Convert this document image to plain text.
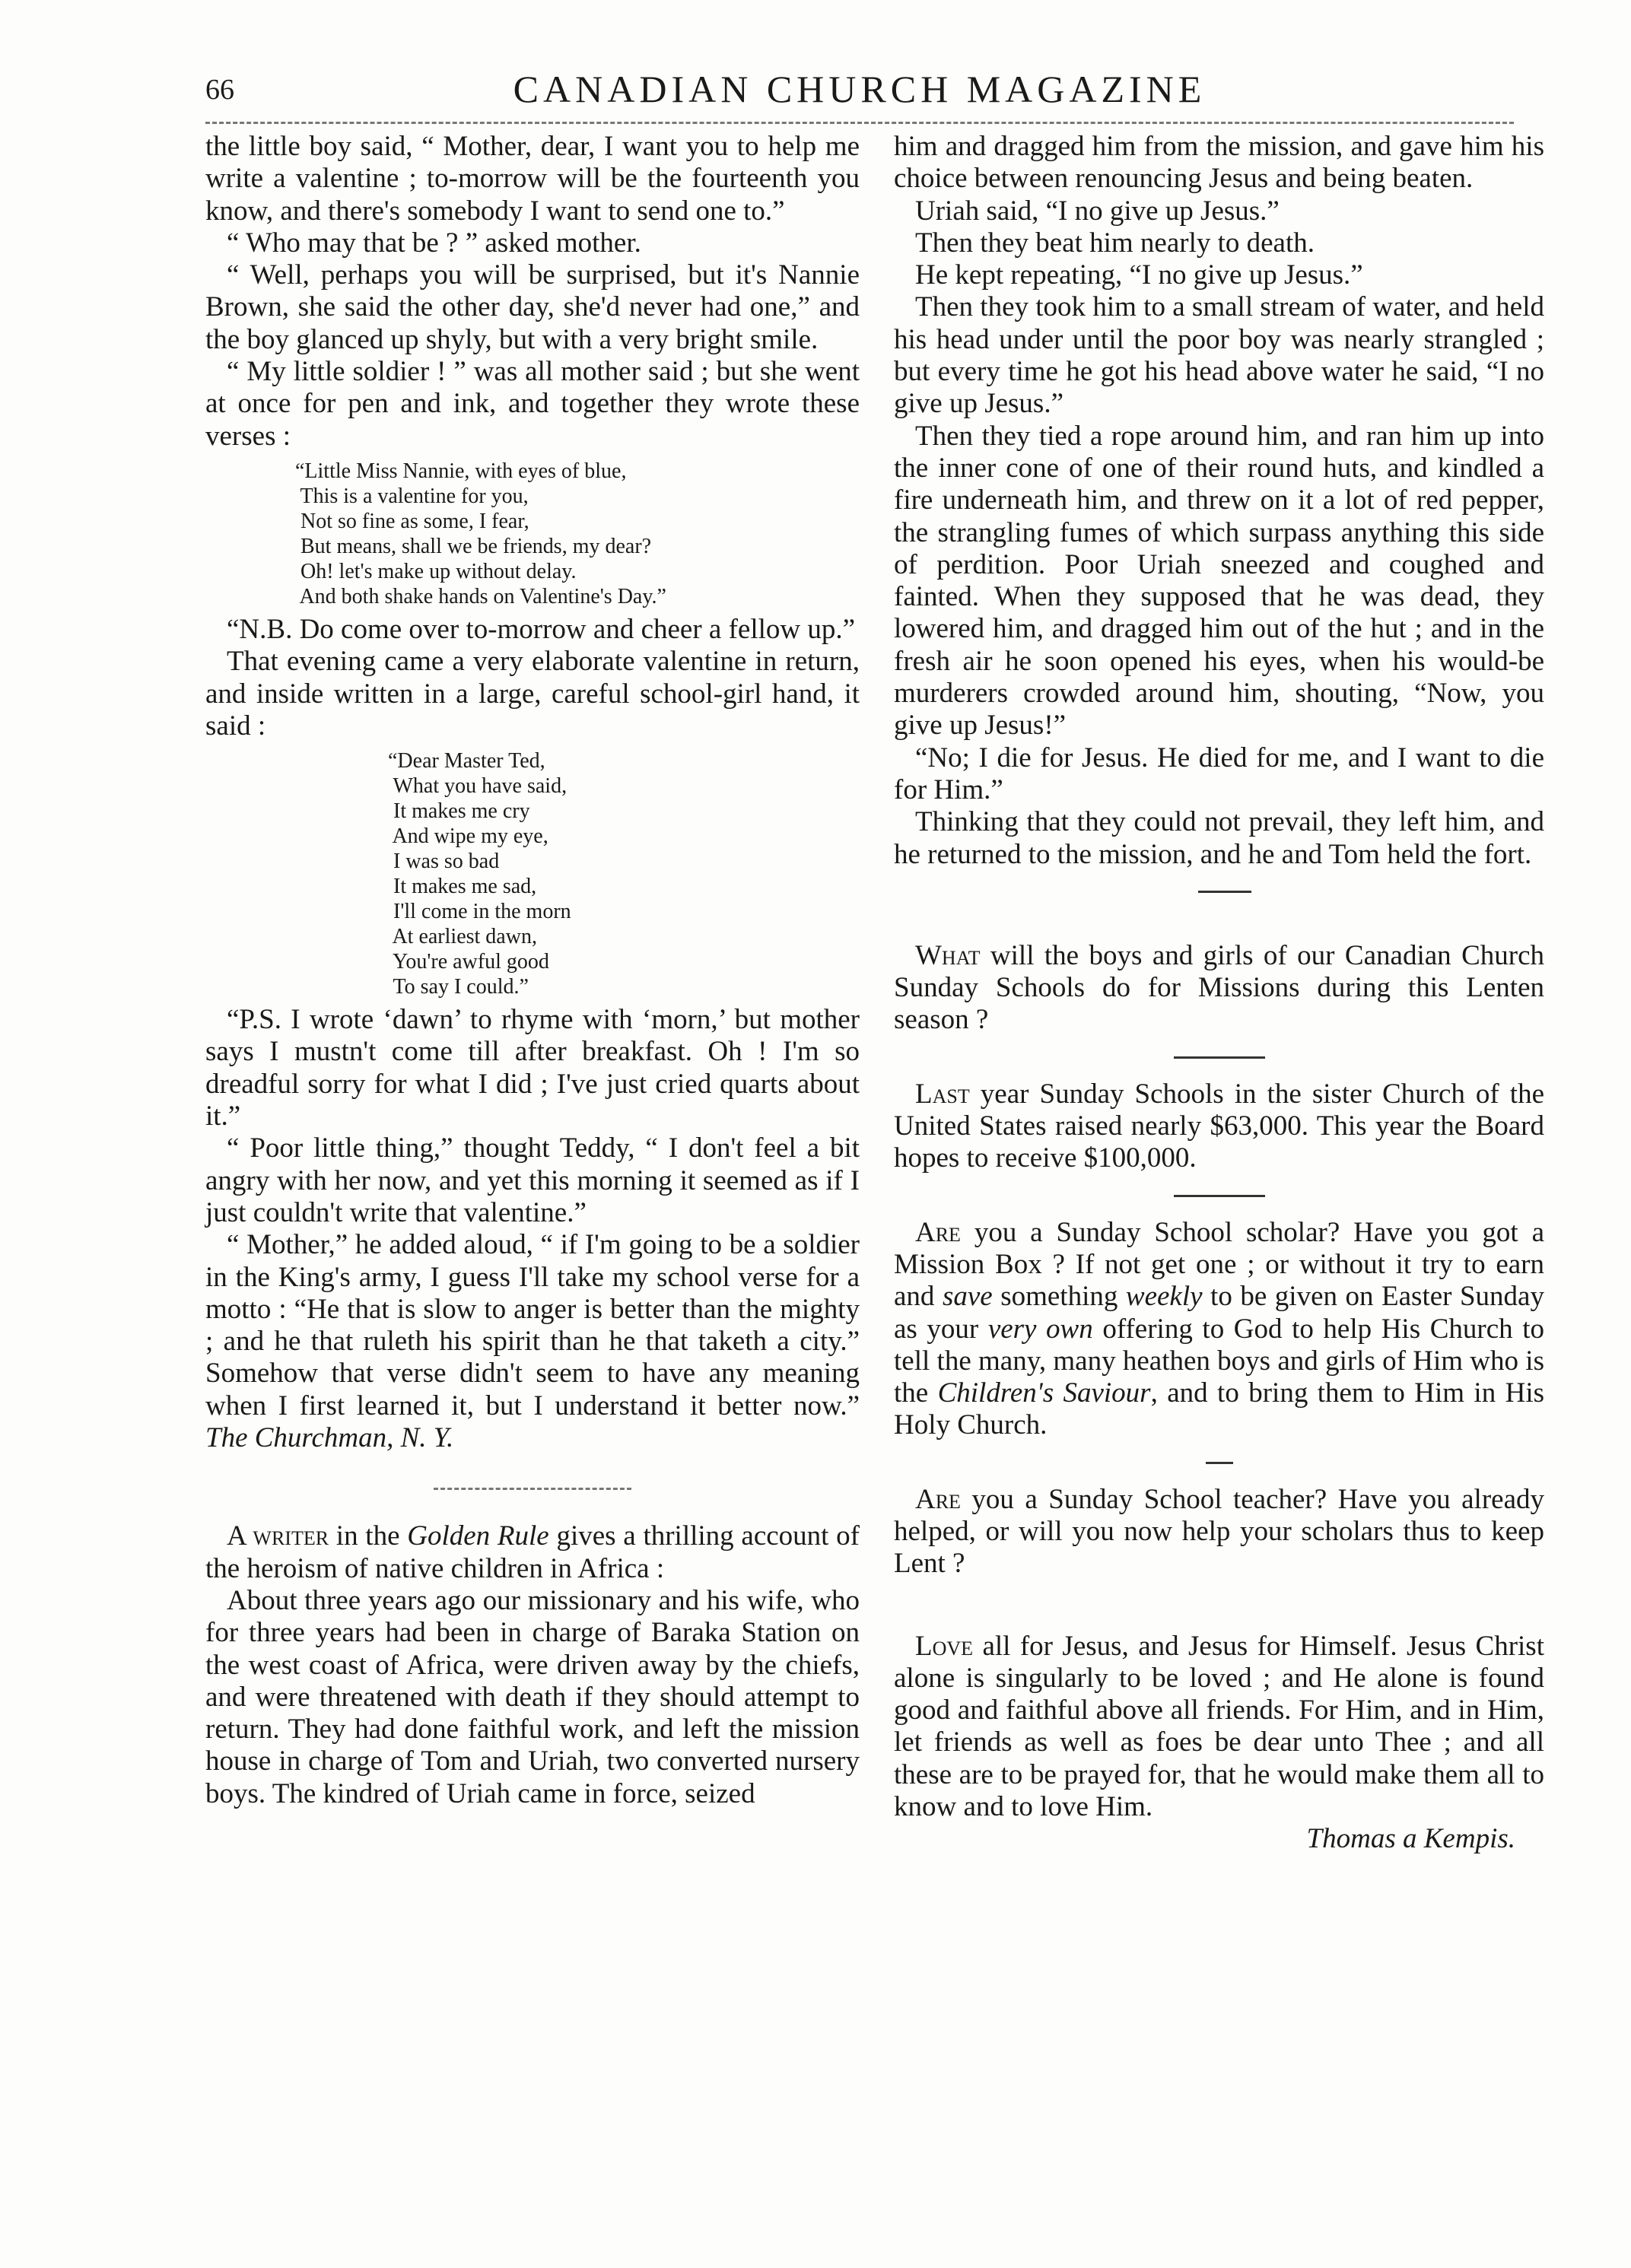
66	CANADIAN CHURCH MAGAZINE

the little boy said, “ Mother, dear, I want you to help me write a valentine ; to-morrow will be the fourteenth you know, and there's somebody I want to send one to.”

“ Who may that be ? ” asked mother.

“ Well, perhaps you will be surprised, but it's Nannie Brown, she said the other day, she'd never had one,” and the boy glanced up shyly, but with a very bright smile.

“ My little soldier ! ” was all mother said ; but she went at once for pen and ink, and together they wrote these verses :

“Little Miss Nannie, with eyes of blue,
This is a valentine for you,
Not so fine as some, I fear,
But means, shall we be friends, my dear?
Oh! let's make up without delay.
And both shake hands on Valentine's Day.”

“N.B. Do come over to-morrow and cheer a fellow up.”

That evening came a very elaborate valentine in return, and inside written in a large, careful school-girl hand, it said :

“Dear Master Ted,
What you have said,
It makes me cry
And wipe my eye,
I was so bad
It makes me sad,
I'll come in the morn
At earliest dawn,
You're awful good
To say I could.”

“P.S. I wrote ‘dawn’ to rhyme with ‘morn,’ but mother says I mustn't come till after breakfast. Oh ! I'm so dreadful sorry for what I did ; I've just cried quarts about it.”

“ Poor little thing,” thought Teddy, “ I don't feel a bit angry with her now, and yet this morning it seemed as if I just couldn't write that valentine.”

“ Mother,” he added aloud, “ if I'm going to be a soldier in the King's army, I guess I'll take my school verse for a motto : “He that is slow to anger is better than the mighty ; and he that ruleth his spirit than he that taketh a city.” Somehow that verse didn't seem to have any meaning when I first learned it, but I understand it better now.” The Churchman, N. Y.

A writer in the Golden Rule gives a thrilling account of the heroism of native children in Africa :

About three years ago our missionary and his wife, who for three years had been in charge of Baraka Station on the west coast of Africa, were driven away by the chiefs, and were threatened with death if they should attempt to return. They had done faithful work, and left the mission house in charge of Tom and Uriah, two converted nursery boys. The kindred of Uriah came in force, seized

him and dragged him from the mission, and gave him his choice between renouncing Jesus and being beaten.

Uriah said, “I no give up Jesus.”

Then they beat him nearly to death.

He kept repeating, “I no give up Jesus.”

Then they took him to a small stream of water, and held his head under until the poor boy was nearly strangled ; but every time he got his head above water he said, “I no give up Jesus.”

Then they tied a rope around him, and ran him up into the inner cone of one of their round huts, and kindled a fire underneath him, and threw on it a lot of red pepper, the strangling fumes of which surpass anything this side of perdition. Poor Uriah sneezed and coughed and fainted. When they supposed that he was dead, they lowered him, and dragged him out of the hut ; and in the fresh air he soon opened his eyes, when his would-be murderers crowded around him, shouting, “Now, you give up Jesus!”

“No; I die for Jesus. He died for me, and I want to die for Him.”

Thinking that they could not prevail, they left him, and he returned to the mission, and he and Tom held the fort.

What will the boys and girls of our Canadian Church Sunday Schools do for Missions during this Lenten season ?

Last year Sunday Schools in the sister Church of the United States raised nearly $63,000. This year the Board hopes to receive $100,000.

Are you a Sunday School scholar? Have you got a Mission Box ? If not get one ; or without it try to earn and save something weekly to be given on Easter Sunday as your very own offering to God to help His Church to tell the many, many heathen boys and girls of Him who is the Children's Saviour, and to bring them to Him in His Holy Church.

Are you a Sunday School teacher? Have you already helped, or will you now help your scholars thus to keep Lent ?

Love all for Jesus, and Jesus for Himself. Jesus Christ alone is singularly to be loved ; and He alone is found good and faithful above all friends. For Him, and in Him, let friends as well as foes be dear unto Thee ; and all these are to be prayed for, that he would make them all to know and to love Him.

Thomas a Kempis.
